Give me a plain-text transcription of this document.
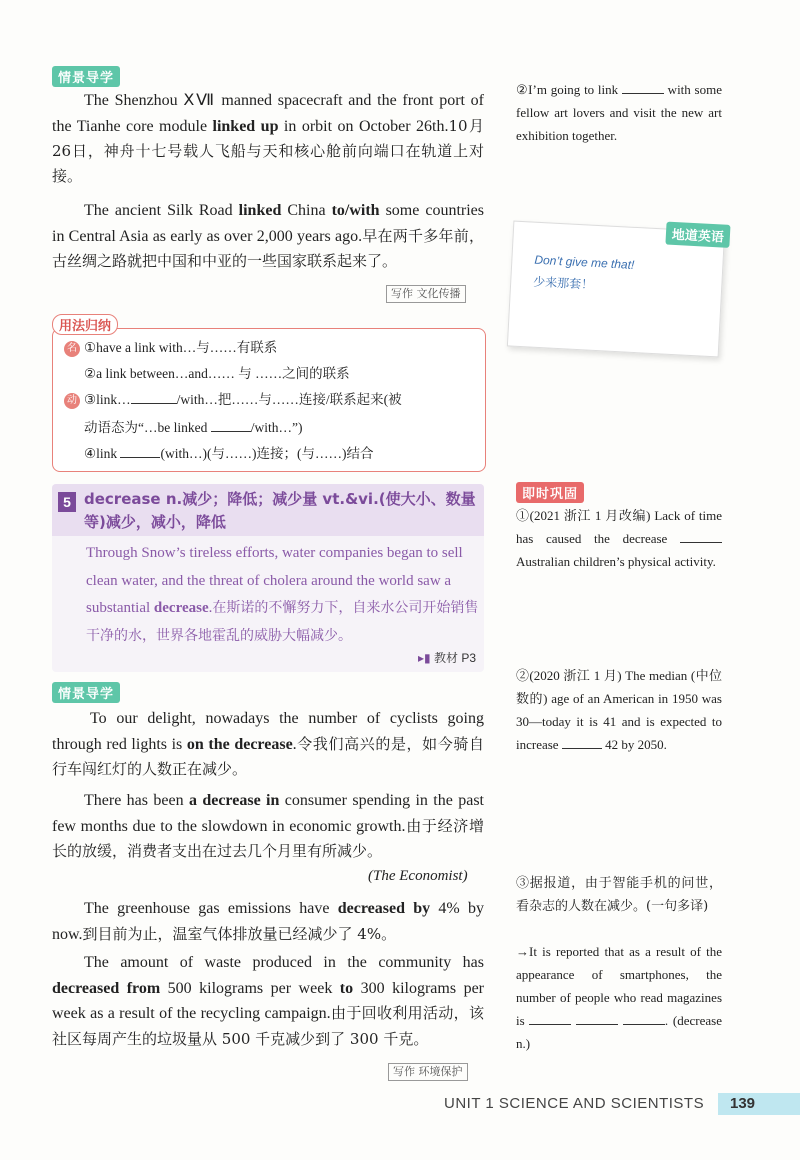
情景导学
The Shenzhou ⅩⅦ manned spacecraft and the front port of the Tianhe core module linked up in orbit on October 26th.10月26日，神舟十七号载人飞船与天和核心舱前向端口在轨道上对接。
The ancient Silk Road linked China to/with some countries in Central Asia as early as over 2,000 years ago.早在两千多年前，古丝绸之路就把中国和中亚的一些国家联系起来了。
写作 文化传播
用法归纳
名 ①have a link with…与……有联系
②a link between…and…… 与 ……之间的联系
动 ③link…	/with…把……与……连接/联系起来(被
动语态为“…be linked	/with…”)
④link	(with…)(与……)连接；(与……)结合
5 decrease n.减少；降低；减少量 vt.&vi.(使大小、数量等)减少，减小，降低
Through Snow’s tireless efforts, water companies began to sell clean water, and the threat of cholera around the world saw a substantial decrease.在斯诺的不懈努力下，自来水公司开始销售干净的水，世界各地霍乱的威胁大幅减少。
▸▮ 教材 P3
情景导学
To our delight, nowadays the number of cyclists going through red lights is on the decrease.令我们高兴的是，如今骑自行车闯红灯的人数正在减少。
There has been a decrease in consumer spending in the past few months due to the slowdown in economic growth.由于经济增长的放缓，消费者支出在过去几个月里有所减少。
(The Economist)
The greenhouse gas emissions have decreased by 4% by now.到目前为止，温室气体排放量已经减少了 4%。
The amount of waste produced in the community has decreased from 500 kilograms per week to 300 kilograms per week as a result of the recycling campaign.由于回收利用活动，该社区每周产生的垃圾量从 500 千克减少到了 300 千克。
写作 环境保护
②I’m going to link	with some fellow art lovers and visit the new art exhibition together.
地道英语
Don’t give me that!
少来那套！
即时巩固
①(2021 浙江 1 月改编) Lack of time has caused the decrease  Australian children’s physical activity.
②(2020 浙江 1 月) The median (中位数的) age of an American in 1950 was 30—today it is 41 and is expected to increase	42 by 2050.
③据报道，由于智能手机的问世，看杂志的人数在减少。(一句多译)
→It is reported that as a result of the appearance of smartphones, the number of people who read magazines is	. (decrease n.)
UNIT 1 SCIENCE AND SCIENTISTS	139
